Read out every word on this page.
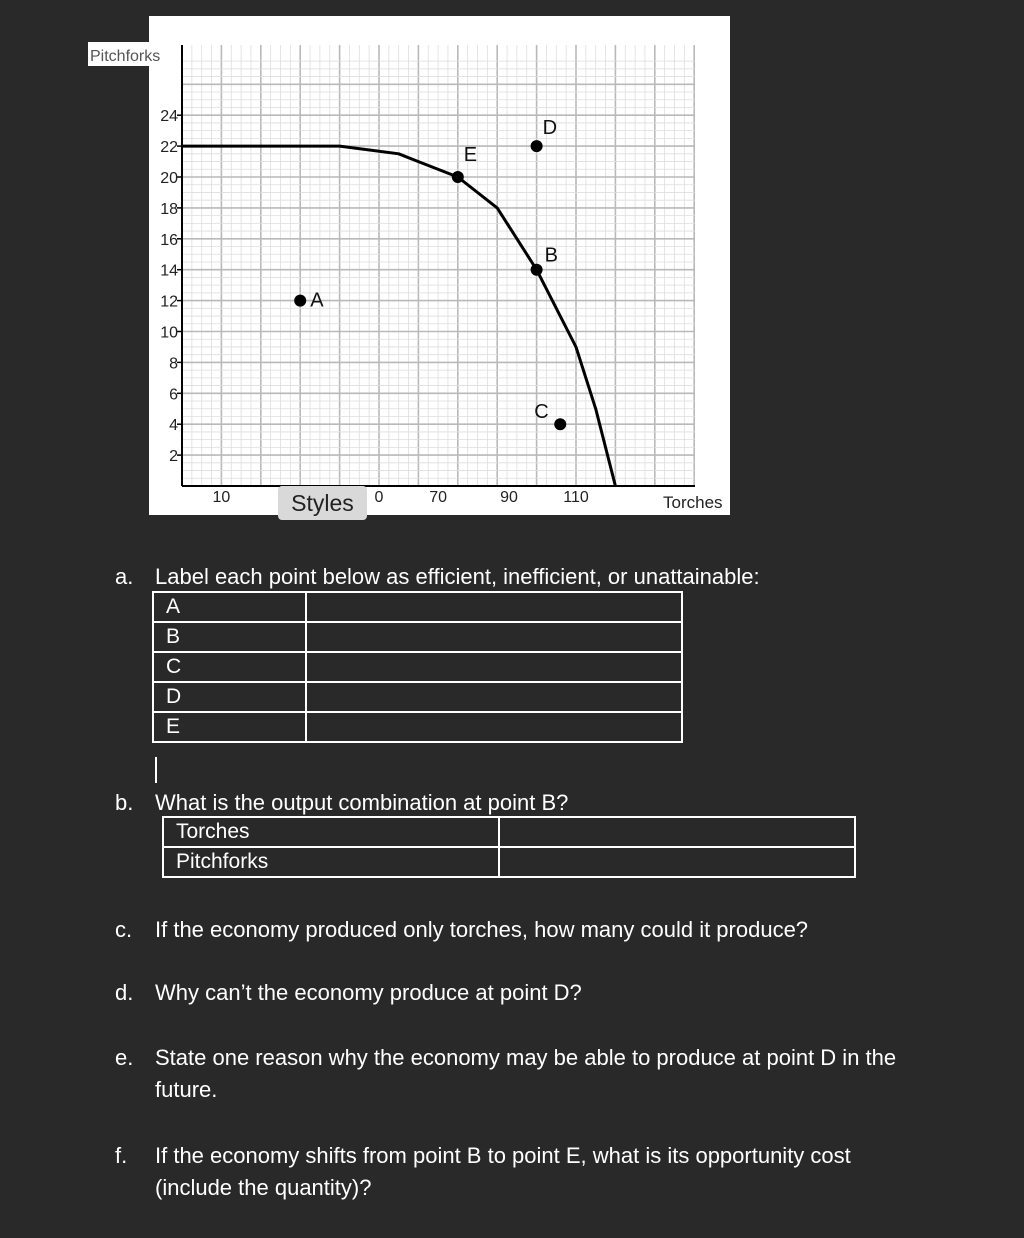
24
22
20
18
16
14
12
10
8
6
4
2
10	0	70	90	110
A
B
C
D
E
Pitchforks
Torches
Styles
a. Label each point below as efficient, inefficient, or unattainable:
A	
B	
C	
D	
E	
b. What is the output combination at point B?
Torches	
Pitchforks	
c. If the economy produced only torches, how many could it produce?
d. Why can’t the economy produce at point D?
e. State one reason why the economy may be able to produce at point D in the
future.
f. If the economy shifts from point B to point E, what is its opportunity cost
(include the quantity)?
